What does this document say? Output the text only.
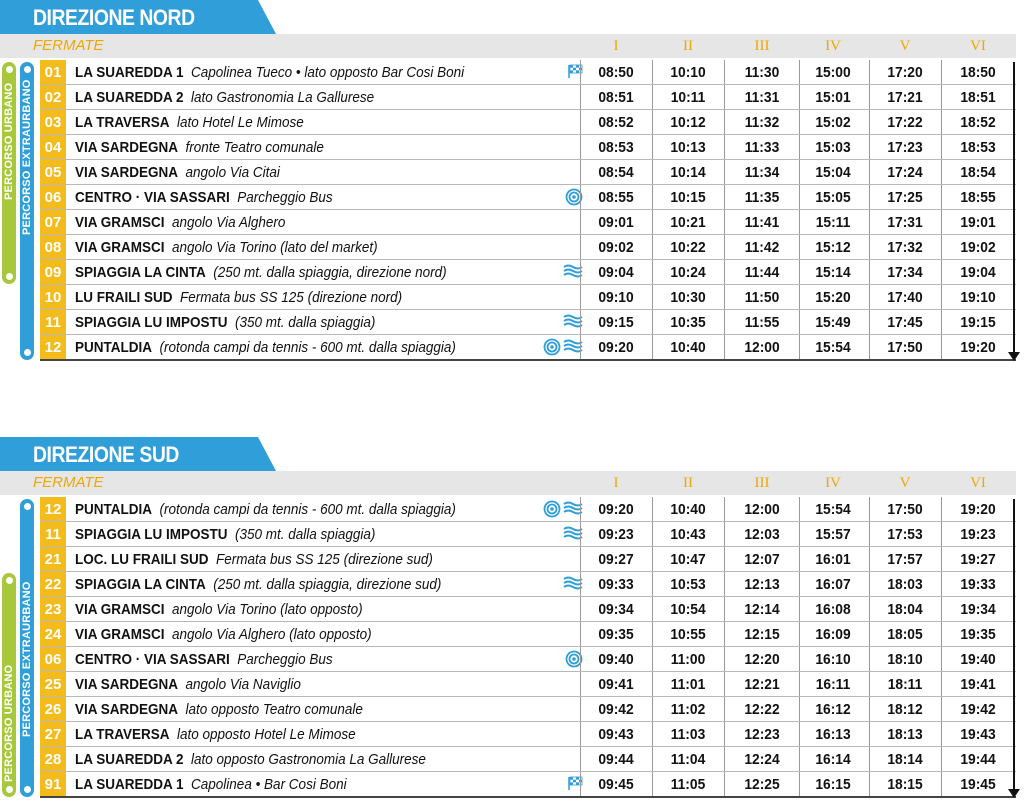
DIREZIONE NORD
FERMATE	I	II	III	IV	V	VI
PERCORSO URBANO PERCORSO EXTRAURBANO
01 LA SUAREDDA 1 Capolinea Tueco • lato opposto Bar Cosi Boni	08:50	10:10	11:30	15:00	17:20	18:50
02 LA SUAREDDA 2 lato Gastronomia La Gallurese	08:51	10:11	11:31	15:01	17:21	18:51
03 LA TRAVERSA lato Hotel Le Mimose	08:52	10:12	11:32	15:02	17:22	18:52
04 VIA SARDEGNA fronte Teatro comunale	08:53	10:13	11:33	15:03	17:23	18:53
05 VIA SARDEGNA angolo Via Citai	08:54	10:14	11:34	15:04	17:24	18:54
06 CENTRO · VIA SASSARI Parcheggio Bus	08:55	10:15	11:35	15:05	17:25	18:55
07 VIA GRAMSCI angolo Via Alghero	09:01	10:21	11:41	15:11	17:31	19:01
08 VIA GRAMSCI angolo Via Torino (lato del market)	09:02	10:22	11:42	15:12	17:32	19:02
09 SPIAGGIA LA CINTA (250 mt. dalla spiaggia, direzione nord)	09:04	10:24	11:44	15:14	17:34	19:04
10 LU FRAILI SUD Fermata bus SS 125 (direzione nord)	09:10	10:30	11:50	15:20	17:40	19:10
11 SPIAGGIA LU IMPOSTU (350 mt. dalla spiaggia)	09:15	10:35	11:55	15:49	17:45	19:15
12 PUNTALDIA (rotonda campi da tennis - 600 mt. dalla spiaggia)	09:20	10:40	12:00	15:54	17:50	19:20
DIREZIONE SUD
FERMATE	I	II	III	IV	V	VI
PERCORSO URBANO PERCORSO EXTRAURBANO
12 PUNTALDIA (rotonda campi da tennis - 600 mt. dalla spiaggia)	09:20	10:40	12:00	15:54	17:50	19:20
11 SPIAGGIA LU IMPOSTU (350 mt. dalla spiaggia)	09:23	10:43	12:03	15:57	17:53	19:23
21 LOC. LU FRAILI SUD Fermata bus SS 125 (direzione sud)	09:27	10:47	12:07	16:01	17:57	19:27
22 SPIAGGIA LA CINTA (250 mt. dalla spiaggia, direzione sud)	09:33	10:53	12:13	16:07	18:03	19:33
23 VIA GRAMSCI angolo Via Torino (lato opposto)	09:34	10:54	12:14	16:08	18:04	19:34
24 VIA GRAMSCI angolo Via Alghero (lato opposto)	09:35	10:55	12:15	16:09	18:05	19:35
06 CENTRO · VIA SASSARI Parcheggio Bus	09:40	11:00	12:20	16:10	18:10	19:40
25 VIA SARDEGNA angolo Via Naviglio	09:41	11:01	12:21	16:11	18:11	19:41
26 VIA SARDEGNA lato opposto Teatro comunale	09:42	11:02	12:22	16:12	18:12	19:42
27 LA TRAVERSA lato opposto Hotel Le Mimose	09:43	11:03	12:23	16:13	18:13	19:43
28 LA SUAREDDA 2 lato opposto Gastronomia La Gallurese	09:44	11:04	12:24	16:14	18:14	19:44
91 LA SUAREDDA 1 Capolinea • Bar Cosi Boni	09:45	11:05	12:25	16:15	18:15	19:45
